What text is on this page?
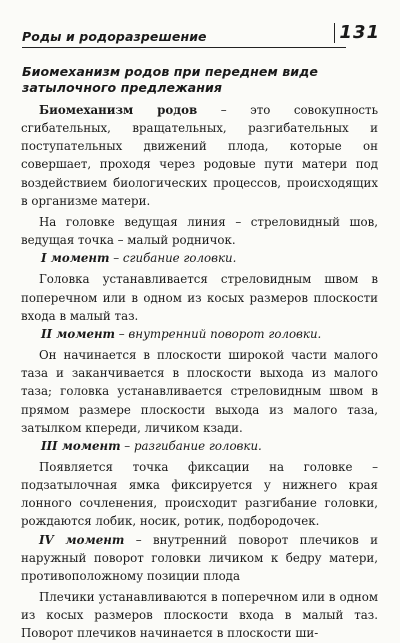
Роды и родоразрешение	131
Биомеханизм родов при переднем виде
затылочного предлежания

Биомеханизм родов – это совокупность сгибательных, вращательных, разгибательных и поступательных движений плода, которые он совершает, проходя через родовые пути матери под воздействием биологических процессов, происходящих в организме матери.

На головке ведущая линия – стреловидный шов, ведущая точка – малый родничок.

I момент – сгибание головки.

Головка устанавливается стреловидным швом в поперечном или в одном из косых размеров плоскости входа в малый таз.

II момент – внутренний поворот головки.

Он начинается в плоскости широкой части малого таза и заканчивается в плоскости выхода из малого таза; головка устанавливается стреловидным швом в прямом размере плоскости выхода из малого таза, затылком кпереди, личиком кзади.

III момент – разгибание головки.

Появляется точка фиксации на головке – подзатылочная ямка фиксируется у нижнего края лонного сочленения, происходит разгибание головки, рождаются лобик, носик, ротик, подбородочек.

IV момент – внутренний поворот плечиков и наружный поворот головки личиком к бедру матери, противоположному позиции плода

Плечики устанавливаются в поперечном или в одном из косых размеров плоскости входа в малый таз. Поворот плечиков начинается в плоскости ши-
